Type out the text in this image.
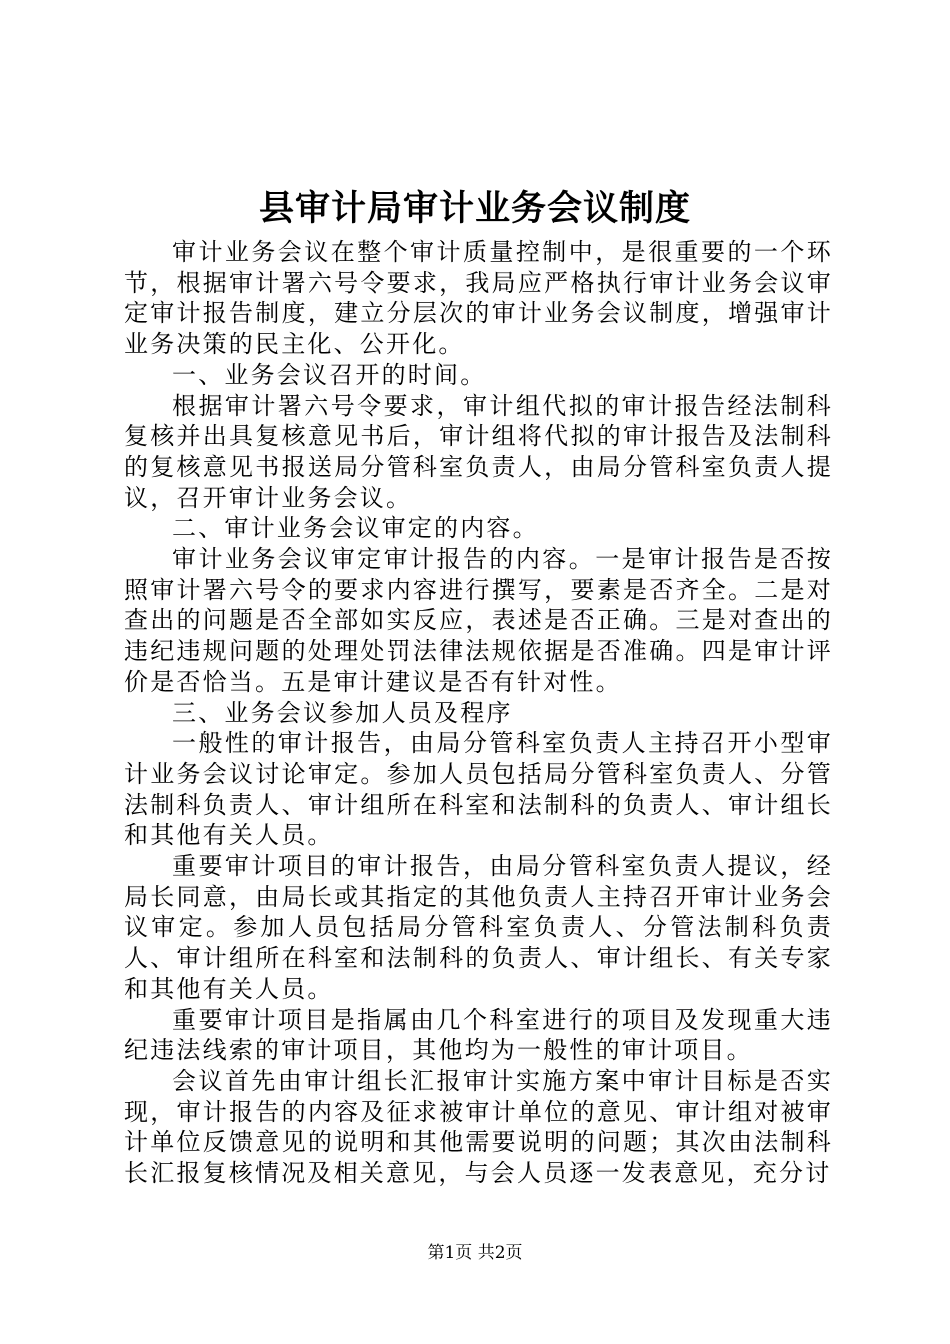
县审计局审计业务会议制度

审计业务会议在整个审计质量控制中，是很重要的一个环节，根据审计署六号令要求，我局应严格执行审计业务会议审定审计报告制度，建立分层次的审计业务会议制度，增强审计业务决策的民主化、公开化。

一、业务会议召开的时间。

根据审计署六号令要求，审计组代拟的审计报告经法制科复核并出具复核意见书后，审计组将代拟的审计报告及法制科的复核意见书报送局分管科室负责人，由局分管科室负责人提议，召开审计业务会议。

二、审计业务会议审定的内容。

审计业务会议审定审计报告的内容。一是审计报告是否按照审计署六号令的要求内容进行撰写，要素是否齐全。二是对查出的问题是否全部如实反应，表述是否正确。三是对查出的违纪违规问题的处理处罚法律法规依据是否准确。四是审计评价是否恰当。五是审计建议是否有针对性。

三、业务会议参加人员及程序

一般性的审计报告，由局分管科室负责人主持召开小型审计业务会议讨论审定。参加人员包括局分管科室负责人、分管法制科负责人、审计组所在科室和法制科的负责人、审计组长和其他有关人员。

重要审计项目的审计报告，由局分管科室负责人提议，经局长同意，由局长或其指定的其他负责人主持召开审计业务会议审定。参加人员包括局分管科室负责人、分管法制科负责人、审计组所在科室和法制科的负责人、审计组长、有关专家和其他有关人员。

重要审计项目是指属由几个科室进行的项目及发现重大违纪违法线索的审计项目，其他均为一般性的审计项目。

会议首先由审计组长汇报审计实施方案中审计目标是否实现，审计报告的内容及征求被审计单位的意见、审计组对被审计单位反馈意见的说明和其他需要说明的问题；其次由法制科长汇报复核情况及相关意见，与会人员逐一发表意见，充分讨

第1页 共2页
